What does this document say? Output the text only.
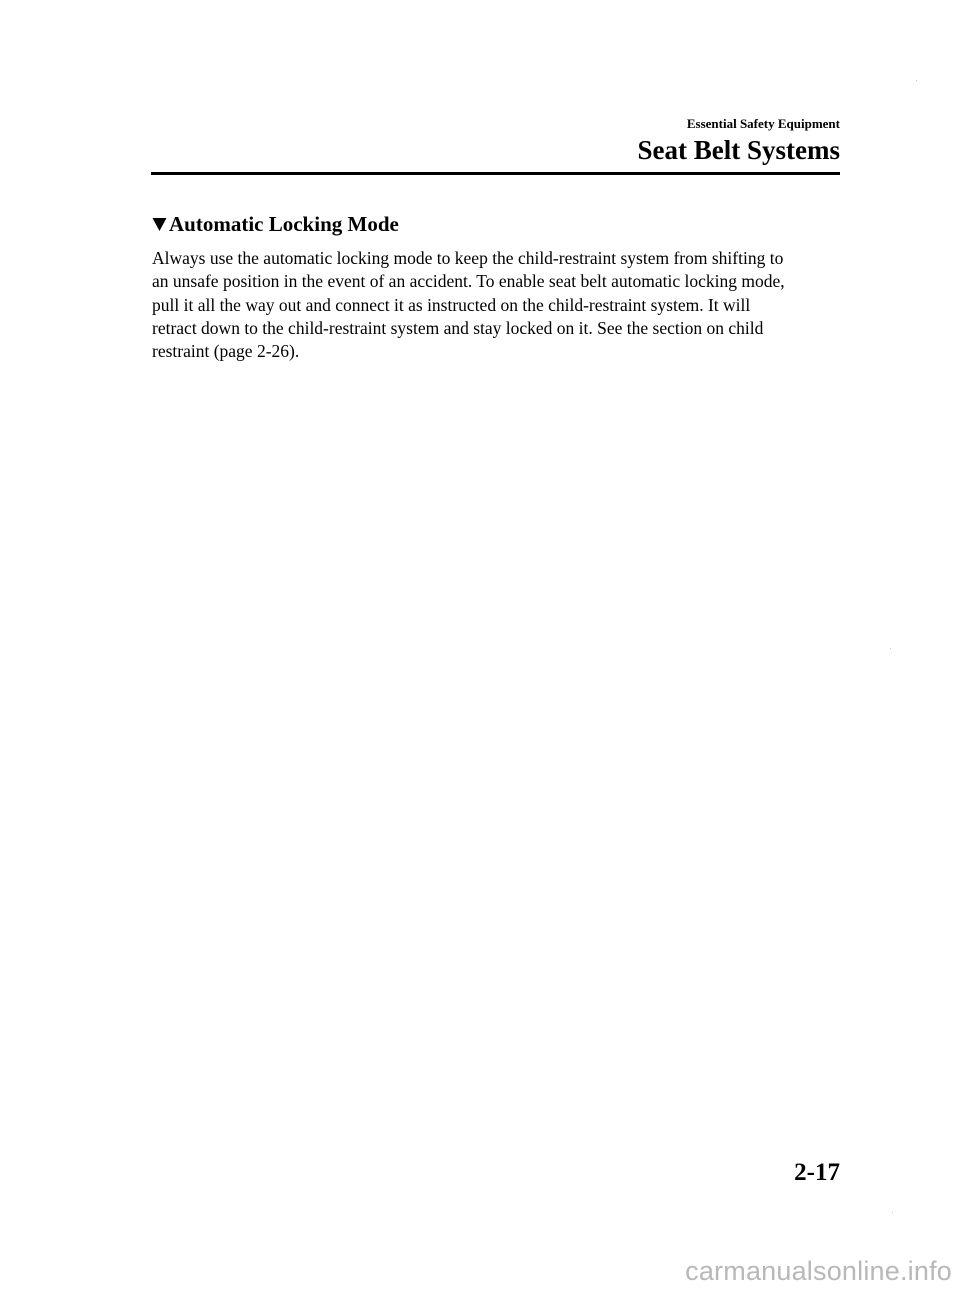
Essential Safety Equipment
Seat Belt Systems
Automatic Locking Mode
Always use the automatic locking mode to keep the child-restraint system from shifting to
an unsafe position in the event of an accident. To enable seat belt automatic locking mode,
pull it all the way out and connect it as instructed on the child-restraint system. It will
retract down to the child-restraint system and stay locked on it. See the section on child
restraint (page 2-26).
2-17
carmanualsonline.info
